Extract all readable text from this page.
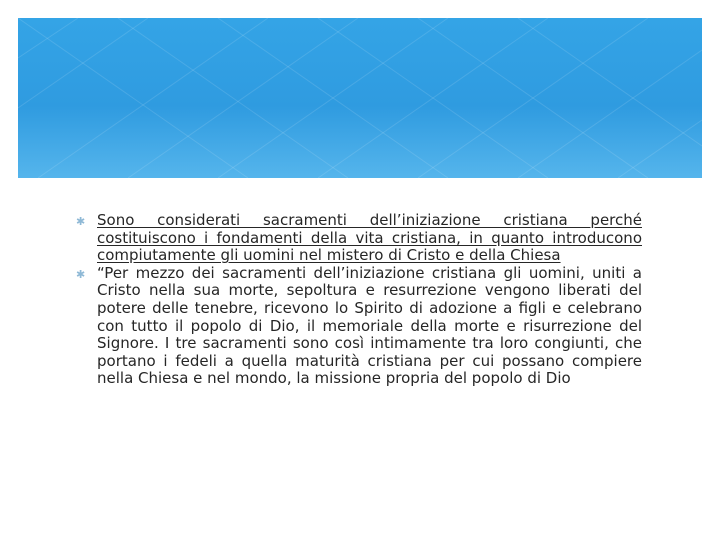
✱ Sono considerati sacramenti dell’iniziazione cristiana perché costituiscono i fondamenti della vita cristiana, in quanto introducono compiutamente gli uomini nel mistero di Cristo e della Chiesa

✱ “Per mezzo dei sacramenti dell’iniziazione cristiana gli uomini, uniti a Cristo nella sua morte, sepoltura e resurrezione vengono liberati del potere delle tenebre, ricevono lo Spirito di adozione a figli e celebrano con tutto il popolo di Dio, il memoriale della morte e risurrezione del Signore. I tre sacramenti sono così intimamente tra loro congiunti, che portano i fedeli a quella maturità cristiana per cui possano compiere nella Chiesa e nel mondo, la missione propria del popolo di Dio
